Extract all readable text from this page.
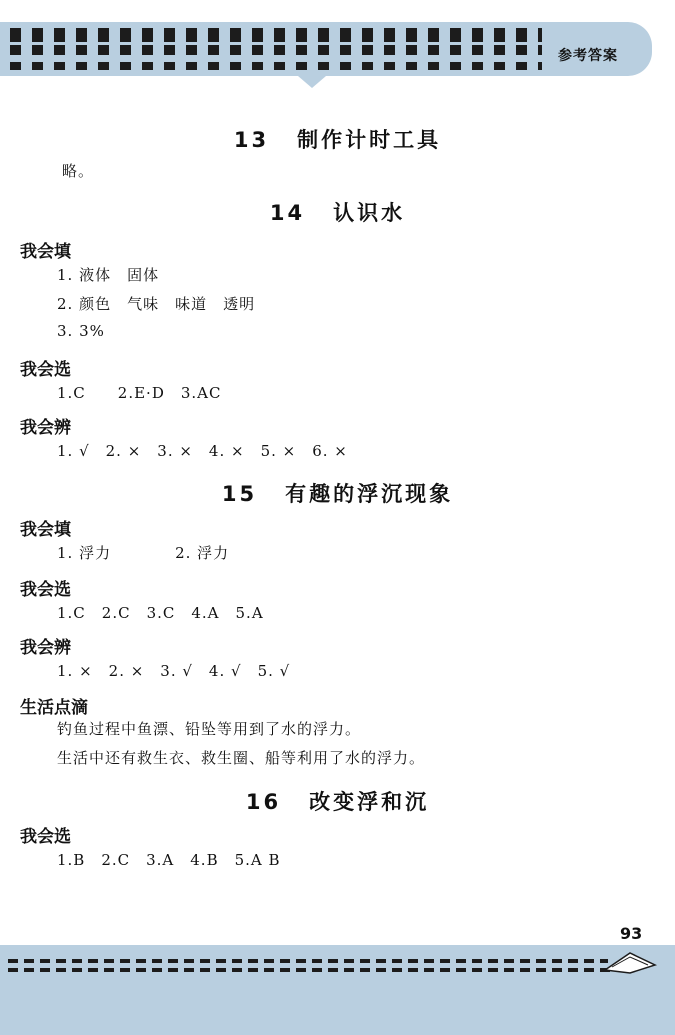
参考答案
13 制作计时工具
略。
14 认识水
我会填
1. 液体　固体
2. 颜色　气味　味道　透明
3. 3%
我会选
1.C　　2.E·D　3.AC
我会辨
1. √　2. ×　3. ×　4. ×　5. ×　6. ×
15 有趣的浮沉现象
我会填
1. 浮力　　　　2. 浮力
我会选
1.C　2.C　3.C　4.A　5.A
我会辨
1. ×　2. ×　3. √　4. √　5. √
生活点滴
钓鱼过程中鱼漂、铅坠等用到了水的浮力。
生活中还有救生衣、救生圈、船等利用了水的浮力。
16 改变浮和沉
我会选
1.B　2.C　3.A　4.B　5.A B
93
